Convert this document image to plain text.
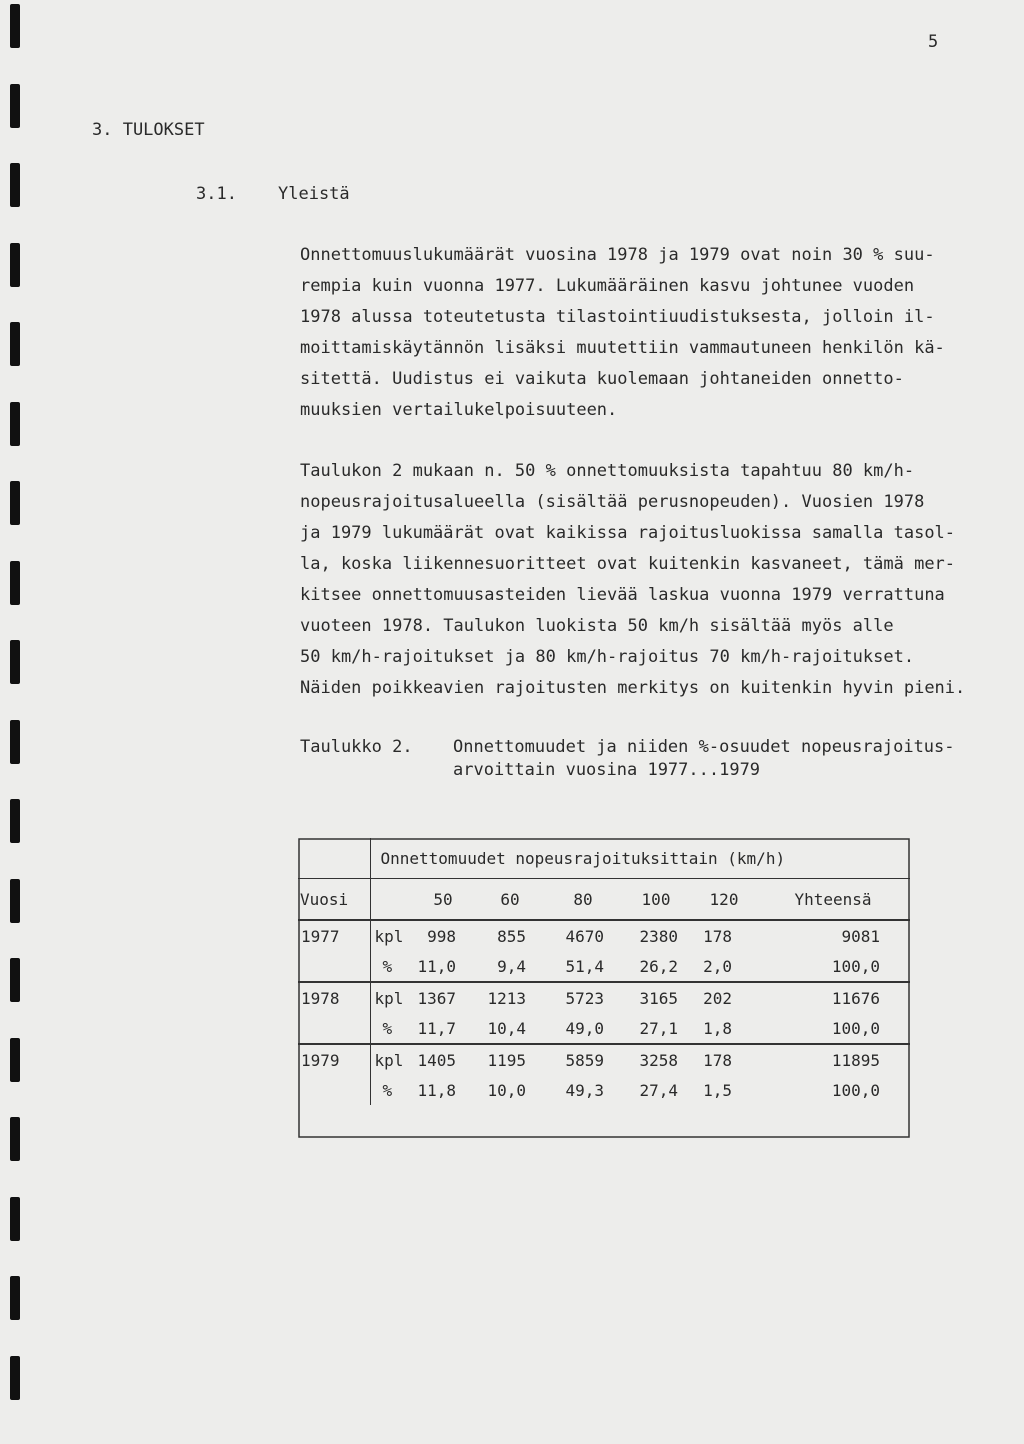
5
3. TULOKSET
3.1. Yleistä
Onnettomuuslukumäärät vuosina 1978 ja 1979 ovat noin 30 % suu-
rempia kuin vuonna 1977. Lukumääräinen kasvu johtunee vuoden
1978 alussa toteutetusta tilastointiuudistuksesta, jolloin il-
moittamiskäytännön lisäksi muutettiin vammautuneen henkilön kä-
sitettä. Uudistus ei vaikuta kuolemaan johtaneiden onnetto-
muuksien vertailukelpoisuuteen.
Taulukon 2 mukaan n. 50 % onnettomuuksista tapahtuu 80 km/h-
nopeusrajoitusalueella (sisältää perusnopeuden). Vuosien 1978
ja 1979 lukumäärät ovat kaikissa rajoitusluokissa samalla tasol-
la, koska liikennesuoritteet ovat kuitenkin kasvaneet, tämä mer-
kitsee onnettomuusasteiden lievää laskua vuonna 1979 verrattuna
vuoteen 1978. Taulukon luokista 50 km/h sisältää myös alle
50 km/h-rajoitukset ja 80 km/h-rajoitus 70 km/h-rajoitukset.
Näiden poikkeavien rajoitusten merkitys on kuitenkin hyvin pieni.
Taulukko 2. Onnettomuudet ja niiden %-osuudet nopeusrajoitus-
arvoittain vuosina 1977...1979
	Onnettomuudet nopeusrajoituksittain (km/h)						
Vuosi		50	60	80	100	120	Yhteensä
1977	kpl	998	855	4670	2380	178	9081
	%	11,0	9,4	51,4	26,2	2,0	100,0
1978	kpl	1367	1213	5723	3165	202	11676
	%	11,7	10,4	49,0	27,1	1,8	100,0
1979	kpl	1405	1195	5859	3258	178	11895
	%	11,8	10,0	49,3	27,4	1,5	100,0
